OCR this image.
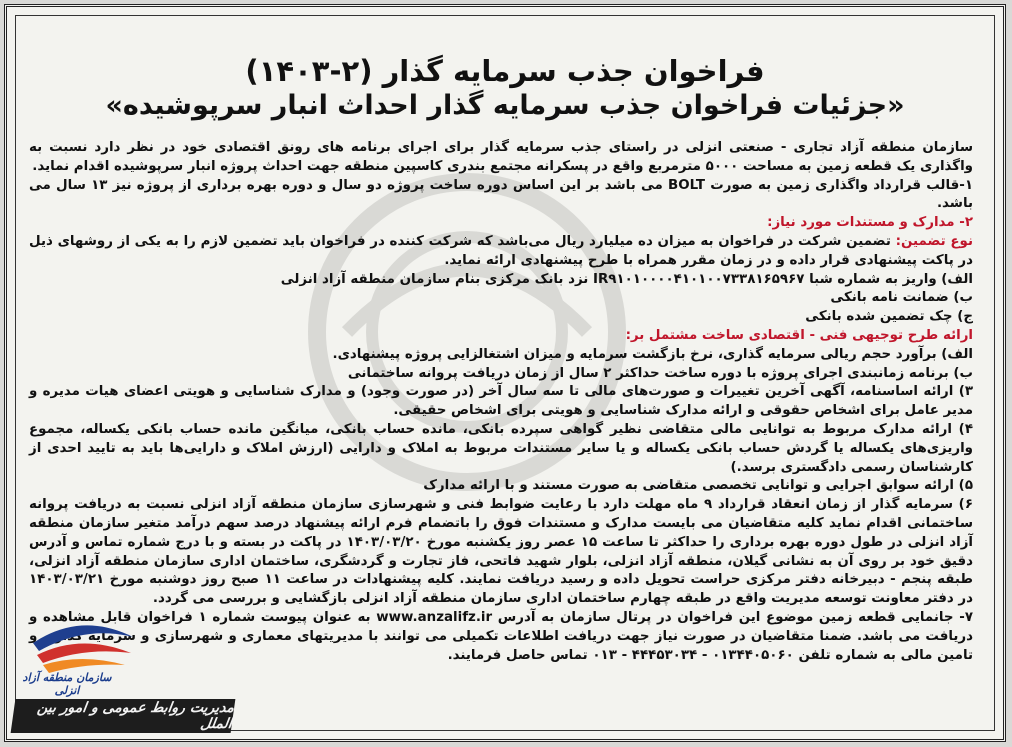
فراخوان جذب سرمایه گذار (۲-۱۴۰۳)

«جزئیات فراخوان جذب سرمایه گذار احداث انبار سرپوشیده»

سازمان منطقه آزاد تجاری - صنعتی انزلی در راستای جذب سرمایه گذار برای اجرای برنامه های رونق اقتصادی خود در نظر دارد نسبت به واگذاری یک قطعه زمین به مساحت ۵۰۰۰ مترمربع واقع در پسکرانه مجتمع بندری کاسپین منطقه جهت احداث پروژه انبار سرپوشیده اقدام نماید.

۱-قالب قرارداد واگذاری زمین به صورت BOLT می باشد بر این اساس دوره ساخت پروژه دو سال و دوره بهره برداری از پروژه نیز ۱۳ سال می باشد.

۲- مدارک و مستندات مورد نیاز:

نوع تضمین: تضمین شرکت در فراخوان به میزان ده میلیارد ریال می‌باشد که شرکت کننده در فراخوان باید تضمین لازم را به یکی از روشهای ذیل در پاکت پیشنهادی قرار داده و در زمان مقرر همراه با طرح پیشنهادی ارائه نماید.

الف) واریز به شماره شبا IR۹۱۰۱۰۰۰۰۴۱۰۱۰۰۷۳۳۸۱۶۵۹۶۷ نزد بانک مرکزی بنام سازمان منطقه آزاد انزلی

ب) ضمانت نامه بانکی

ج) چک تضمین شده بانکی

ارائه طرح توجیهی فنی - اقتصادی ساخت مشتمل بر:

الف) برآورد حجم ریالی سرمایه گذاری، نرخ بازگشت سرمایه و میزان اشتغالزایی پروژه پیشنهادی.

ب) برنامه زمانبندی اجرای پروژه با دوره ساخت حداکثر ۲ سال از زمان دریافت پروانه ساختمانی

۳) ارائه اساسنامه، آگهی آخرین تغییرات و صورت‌های مالی تا سه سال آخر (در صورت وجود) و مدارک شناسایی و هویتی اعضای هیات مدیره و مدیر عامل برای اشخاص حقوقی و ارائه مدارک شناسایی و هویتی برای اشخاص حقیقی.

۴) ارائه مدارک مربوط به توانایی مالی متقاضی نظیر گواهی سپرده بانکی، مانده حساب بانکی، میانگین مانده حساب بانکی یکساله، مجموع واریزی‌های یکساله یا گردش حساب بانکی یکساله و یا سایر مستندات مربوط به املاک و دارایی (ارزش املاک و دارایی‌ها باید به تایید احدی از کارشناسان رسمی دادگستری برسد.)

۵) ارائه سوابق اجرایی و توانایی تخصصی متقاضی به صورت مستند و با ارائه مدارک

۶) سرمایه گذار از زمان انعقاد قرارداد ۹ ماه مهلت دارد با رعایت ضوابط فنی و شهرسازی سازمان منطقه آزاد انزلی نسبت به دریافت پروانه ساختمانی اقدام نماید کلیه متقاضیان می بایست مدارک و مستندات فوق را باتضمام فرم ارائه پیشنهاد درصد سهم درآمد متغیر سازمان منطقه آزاد انزلی در طول دوره بهره برداری را حداکثر تا ساعت ۱۵ عصر روز یکشنبه مورخ ۱۴۰۳/۰۳/۲۰ در پاکت در بسته و با درج شماره تماس و آدرس دقیق خود بر روی آن به نشانی گیلان، منطقه آزاد انزلی، بلوار شهید فاتحی، فاز تجارت و گردشگری، ساختمان اداری سازمان منطقه آزاد انزلی، طبقه پنجم - دبیرخانه دفتر مرکزی حراست تحویل داده و رسید دریافت نمایند. کلیه پیشنهادات در ساعت ۱۱ صبح روز دوشنبه مورخ ۱۴۰۳/۰۳/۲۱ در دفتر معاونت توسعه مدیریت واقع در طبقه چهارم ساختمان اداری سازمان منطقه آزاد انزلی بازگشایی و بررسی می گردد.

۷- جانمایی قطعه زمین موضوع این فراخوان در پرتال سازمان به آدرس www.anzalifz.ir به عنوان پیوست شماره ۱ فراخوان قابل مشاهده و دریافت می باشد. ضمنا متقاضیان در صورت نیاز جهت دریافت اطلاعات تکمیلی می توانند با مدیریتهای معماری و شهرسازی و سرمایه گذاری و تامین مالی به شماره تلفن ۰۱۳۴۴۰۵۰۶۰ - ۴۴۴۵۳۰۳۴ - ۰۱۳ تماس حاصل فرمایند.

سازمان منطقه آزاد انزلی
مدیریت روابط عمومی و امور بین الملل
